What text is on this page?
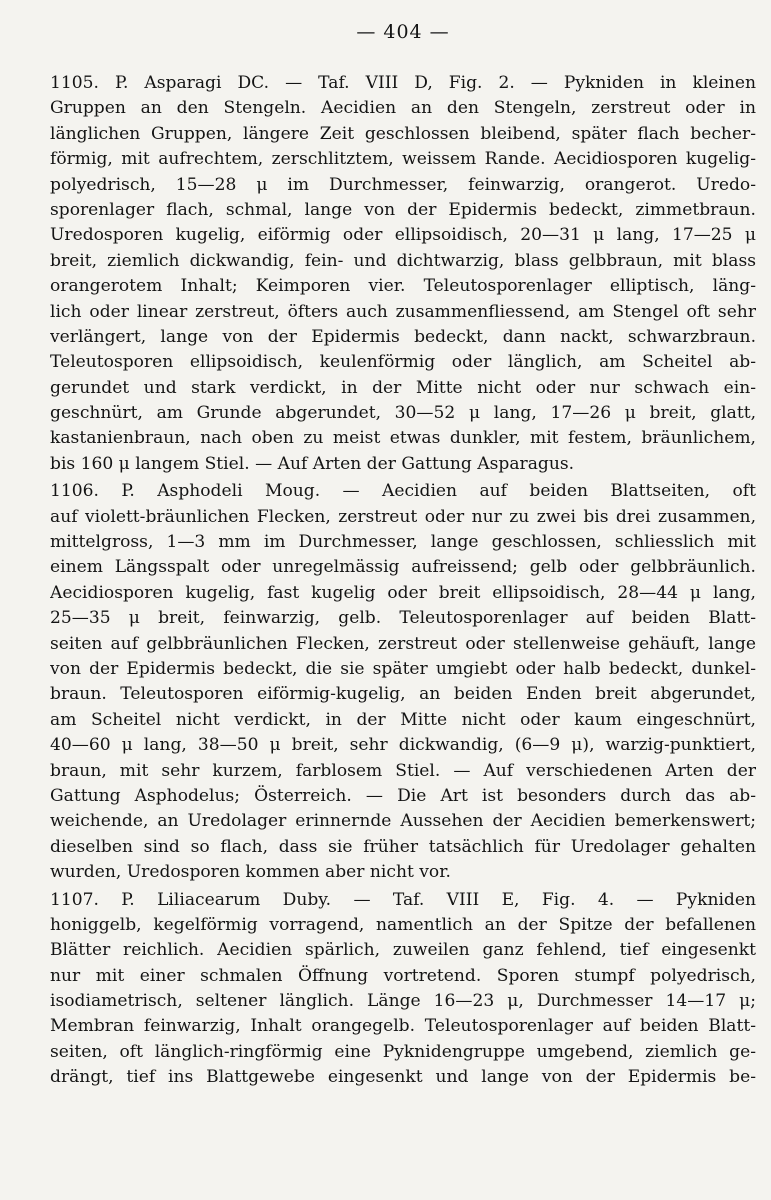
— 404 —
1105. P. Asparagi DC. — Taf. VIII D, Fig. 2. — Pykniden in kleinen
Gruppen an den Stengeln. Aecidien an den Stengeln, zerstreut oder in
länglichen Gruppen, längere Zeit geschlossen bleibend, später flach becher-
förmig, mit aufrechtem, zerschlitztem, weissem Rande. Aecidiosporen kugelig-
polyedrisch, 15—28 μ im Durchmesser, feinwarzig, orangerot. Uredo-
sporenlager flach, schmal, lange von der Epidermis bedeckt, zimmetbraun.
Uredosporen kugelig, eiförmig oder ellipsoidisch, 20—31 μ lang, 17—25 μ
breit, ziemlich dickwandig, fein- und dichtwarzig, blass gelbbraun, mit blass
orangerotem Inhalt; Keimporen vier. Teleutosporenlager elliptisch, läng-
lich oder linear zerstreut, öfters auch zusammenfliessend, am Stengel oft sehr
verlängert, lange von der Epidermis bedeckt, dann nackt, schwarzbraun.
Teleutosporen ellipsoidisch, keulenförmig oder länglich, am Scheitel ab-
gerundet und stark verdickt, in der Mitte nicht oder nur schwach ein-
geschnürt, am Grunde abgerundet, 30—52 μ lang, 17—26 μ breit, glatt,
kastanienbraun, nach oben zu meist etwas dunkler, mit festem, bräunlichem,
bis 160 μ langem Stiel. — Auf Arten der Gattung Asparagus.
1106. P. Asphodeli Moug. — Aecidien auf beiden Blattseiten, oft
auf violett-bräunlichen Flecken, zerstreut oder nur zu zwei bis drei zusammen,
mittelgross, 1—3 mm im Durchmesser, lange geschlossen, schliesslich mit
einem Längsspalt oder unregelmässig aufreissend; gelb oder gelbbräunlich.
Aecidiosporen kugelig, fast kugelig oder breit ellipsoidisch, 28—44 μ lang,
25—35 μ breit, feinwarzig, gelb. Teleutosporenlager auf beiden Blatt-
seiten auf gelbbräunlichen Flecken, zerstreut oder stellenweise gehäuft, lange
von der Epidermis bedeckt, die sie später umgiebt oder halb bedeckt, dunkel-
braun. Teleutosporen eiförmig-kugelig, an beiden Enden breit abgerundet,
am Scheitel nicht verdickt, in der Mitte nicht oder kaum eingeschnürt,
40—60 μ lang, 38—50 μ breit, sehr dickwandig, (6—9 μ), warzig-punktiert,
braun, mit sehr kurzem, farblosem Stiel. — Auf verschiedenen Arten der
Gattung Asphodelus; Österreich. — Die Art ist besonders durch das ab-
weichende, an Uredolager erinnernde Aussehen der Aecidien bemerkenswert;
dieselben sind so flach, dass sie früher tatsächlich für Uredolager gehalten
wurden, Uredosporen kommen aber nicht vor.
1107. P. Liliacearum Duby. — Taf. VIII E, Fig. 4. — Pykniden
honiggelb, kegelförmig vorragend, namentlich an der Spitze der befallenen
Blätter reichlich. Aecidien spärlich, zuweilen ganz fehlend, tief eingesenkt
nur mit einer schmalen Öffnung vortretend. Sporen stumpf polyedrisch,
isodiametrisch, seltener länglich. Länge 16—23 μ, Durchmesser 14—17 μ;
Membran feinwarzig, Inhalt orangegelb. Teleutosporenlager auf beiden Blatt-
seiten, oft länglich-ringförmig eine Pyknidengruppe umgebend, ziemlich ge-
drängt, tief ins Blattgewebe eingesenkt und lange von der Epidermis be-
